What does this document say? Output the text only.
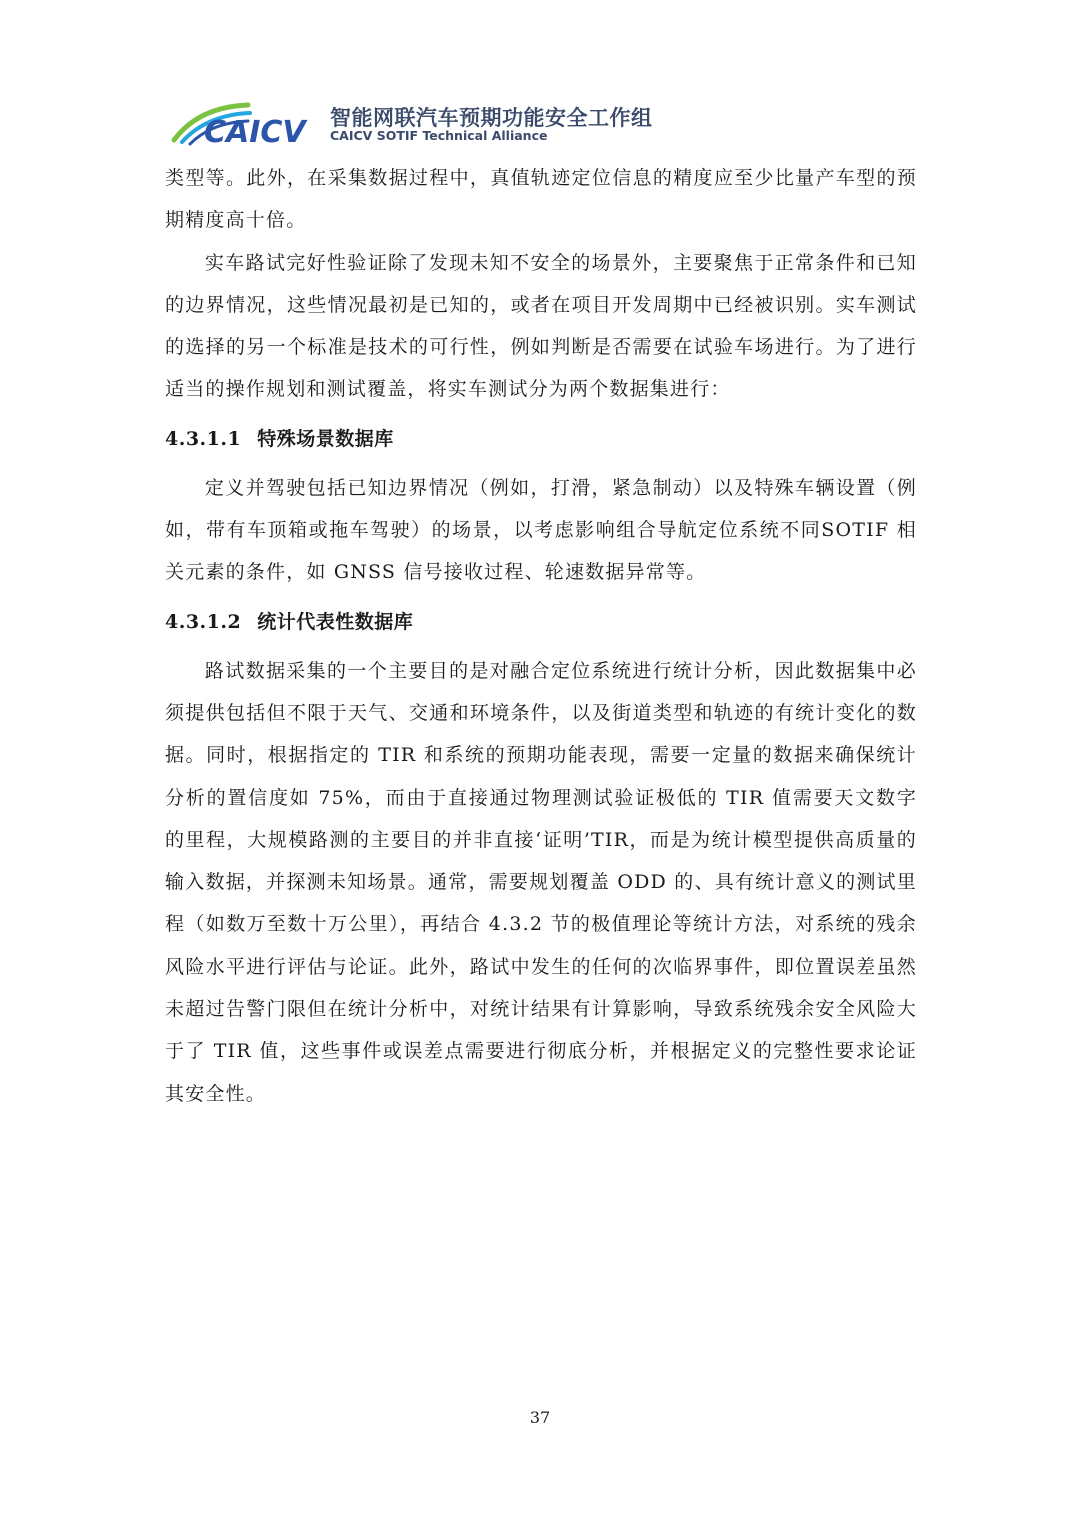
CAICV 智能网联汽车预期功能安全工作组
CAICV SOTIF Technical Alliance

类型等。此外，在采集数据过程中，真值轨迹定位信息的精度应至少比量产车型的预期精度高十倍。

实车路试完好性验证除了发现未知不安全的场景外，主要聚焦于正常条件和已知的边界情况，这些情况最初是已知的，或者在项目开发周期中已经被识别。实车测试的选择的另一个标准是技术的可行性，例如判断是否需要在试验车场进行。为了进行适当的操作规划和测试覆盖，将实车测试分为两个数据集进行：

4.3.1.1 特殊场景数据库

定义并驾驶包括已知边界情况（例如，打滑，紧急制动）以及特殊车辆设置（例如，带有车顶箱或拖车驾驶）的场景，以考虑影响组合导航定位系统不同SOTIF 相关元素的条件，如 GNSS 信号接收过程、轮速数据异常等。

4.3.1.2 统计代表性数据库

路试数据采集的一个主要目的是对融合定位系统进行统计分析，因此数据集中必须提供包括但不限于天气、交通和环境条件，以及街道类型和轨迹的有统计变化的数据。同时，根据指定的 TIR 和系统的预期功能表现，需要一定量的数据来确保统计分析的置信度如 75%，而由于直接通过物理测试验证极低的 TIR 值需要天文数字的里程，大规模路测的主要目的并非直接‘证明’TIR，而是为统计模型提供高质量的输入数据，并探测未知场景。通常，需要规划覆盖 ODD 的、具有统计意义的测试里程（如数万至数十万公里），再结合 4.3.2 节的极值理论等统计方法，对系统的残余风险水平进行评估与论证。此外，路试中发生的任何的次临界事件，即位置误差虽然未超过告警门限但在统计分析中，对统计结果有计算影响，导致系统残余安全风险大于了 TIR 值，这些事件或误差点需要进行彻底分析，并根据定义的完整性要求论证其安全性。

37
